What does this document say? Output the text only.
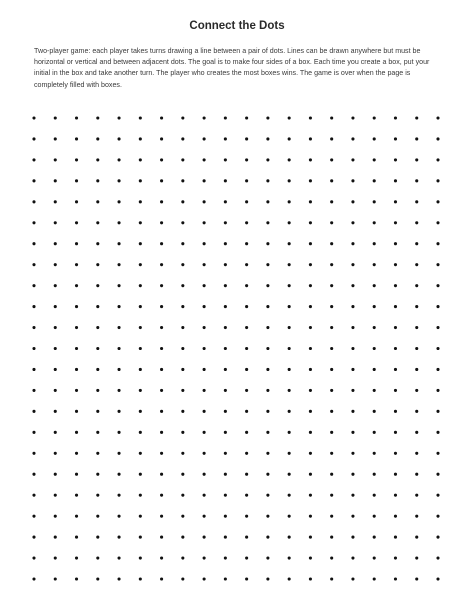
Connect the Dots

Two-player game: each player takes turns drawing a line between a pair of dots. Lines can be drawn anywhere but must be horizontal or vertical and between adjacent dots. The goal is to make four sides of a box. Each time you create a box, put your initial in the box and take another turn. The player who creates the most boxes wins. The game is over when the page is completely filled with boxes.
